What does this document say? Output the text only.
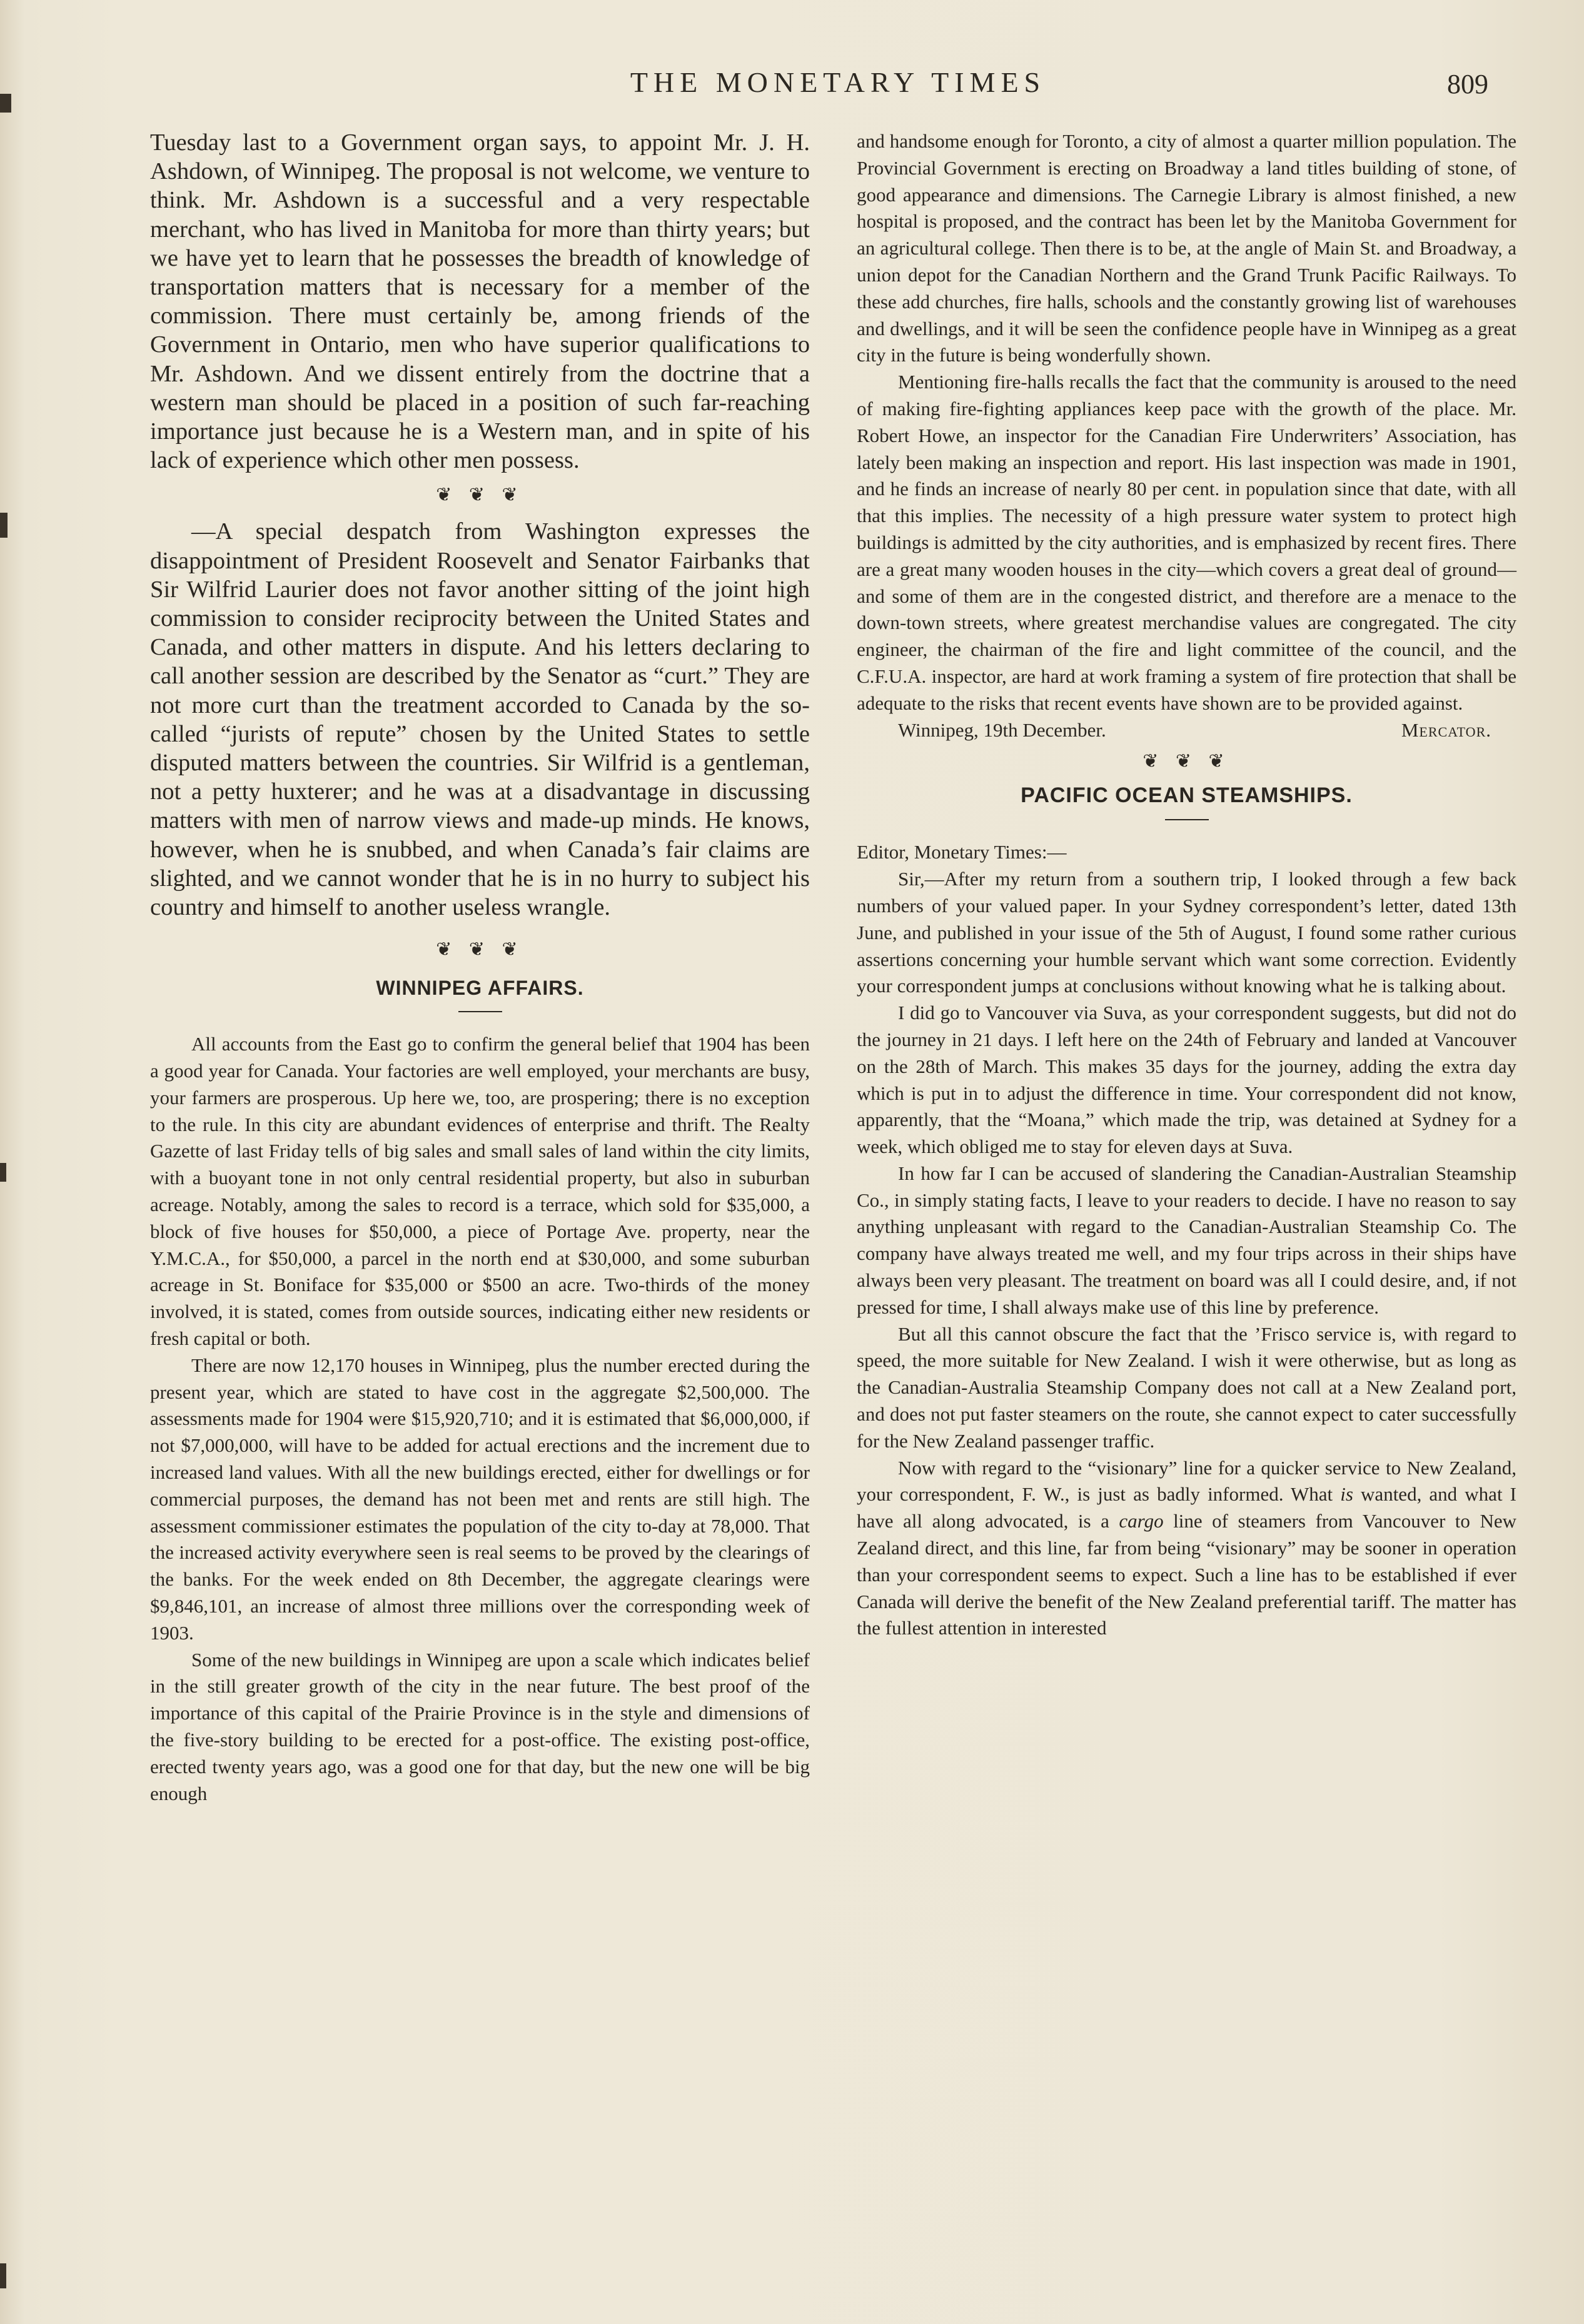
THE MONETARY TIMES	809

Tuesday last to a Government organ says, to appoint Mr. J. H. Ashdown, of Winnipeg. The proposal is not welcome, we venture to think. Mr. Ashdown is a successful and a very respectable merchant, who has lived in Manitoba for more than thirty years; but we have yet to learn that he possesses the breadth of knowledge of transportation matters that is necessary for a member of the commission. There must certainly be, among friends of the Government in Ontario, men who have superior qualifications to Mr. Ashdown. And we dissent entirely from the doctrine that a western man should be placed in a position of such far-reaching importance just because he is a Western man, and in spite of his lack of experience which other men possess.

❦ ❦ ❦

—A special despatch from Washington expresses the disappointment of President Roosevelt and Senator Fairbanks that Sir Wilfrid Laurier does not favor another sitting of the joint high commission to consider reciprocity between the United States and Canada, and other matters in dispute. And his letters declaring to call another session are described by the Senator as “curt.” They are not more curt than the treatment accorded to Canada by the so-called “jurists of repute” chosen by the United States to settle disputed matters between the countries. Sir Wilfrid is a gentleman, not a petty huxterer; and he was at a disadvantage in discussing matters with men of narrow views and made-up minds. He knows, however, when he is snubbed, and when Canada’s fair claims are slighted, and we cannot wonder that he is in no hurry to subject his country and himself to another useless wrangle.

❦ ❦ ❦
WINNIPEG AFFAIRS.

All accounts from the East go to confirm the general belief that 1904 has been a good year for Canada. Your factories are well employed, your merchants are busy, your farmers are prosperous. Up here we, too, are prospering; there is no exception to the rule. In this city are abundant evidences of enterprise and thrift. The Realty Gazette of last Friday tells of big sales and small sales of land within the city limits, with a buoyant tone in not only central residential property, but also in suburban acreage. Notably, among the sales to record is a terrace, which sold for $35,000, a block of five houses for $50,000, a piece of Portage Ave. property, near the Y.M.C.A., for $50,000, a parcel in the north end at $30,000, and some suburban acreage in St. Boniface for $35,000 or $500 an acre. Two-thirds of the money involved, it is stated, comes from outside sources, indicating either new residents or fresh capital or both.

There are now 12,170 houses in Winnipeg, plus the number erected during the present year, which are stated to have cost in the aggregate $2,500,000. The assessments made for 1904 were $15,920,710; and it is estimated that $6,000,000, if not $7,000,000, will have to be added for actual erections and the increment due to increased land values. With all the new buildings erected, either for dwellings or for commercial purposes, the demand has not been met and rents are still high. The assessment commissioner estimates the population of the city to-day at 78,000. That the increased activity everywhere seen is real seems to be proved by the clearings of the banks. For the week ended on 8th December, the aggregate clearings were $9,846,101, an increase of almost three millions over the corresponding week of 1903.

Some of the new buildings in Winnipeg are upon a scale which indicates belief in the still greater growth of the city in the near future. The best proof of the importance of this capital of the Prairie Province is in the style and dimensions of the five-story building to be erected for a post-office. The existing post-office, erected twenty years ago, was a good one for that day, but the new one will be big enough

and handsome enough for Toronto, a city of almost a quarter million population. The Provincial Government is erecting on Broadway a land titles building of stone, of good appearance and dimensions. The Carnegie Library is almost finished, a new hospital is proposed, and the contract has been let by the Manitoba Government for an agricultural college. Then there is to be, at the angle of Main St. and Broadway, a union depot for the Canadian Northern and the Grand Trunk Pacific Railways. To these add churches, fire halls, schools and the constantly growing list of warehouses and dwellings, and it will be seen the confidence people have in Winnipeg as a great city in the future is being wonderfully shown.

Mentioning fire-halls recalls the fact that the community is aroused to the need of making fire-fighting appliances keep pace with the growth of the place. Mr. Robert Howe, an inspector for the Canadian Fire Underwriters’ Association, has lately been making an inspection and report. His last inspection was made in 1901, and he finds an increase of nearly 80 per cent. in population since that date, with all that this implies. The necessity of a high pressure water system to protect high buildings is admitted by the city authorities, and is emphasized by recent fires. There are a great many wooden houses in the city—which covers a great deal of ground—and some of them are in the congested district, and therefore are a menace to the down-town streets, where greatest merchandise values are congregated. The city engineer, the chairman of the fire and light committee of the council, and the C.F.U.A. inspector, are hard at work framing a system of fire protection that shall be adequate to the risks that recent events have shown are to be provided against.

Winnipeg, 19th December.	Mercator.
❦ ❦ ❦
PACIFIC OCEAN STEAMSHIPS.

Editor, Monetary Times:—

Sir,—After my return from a southern trip, I looked through a few back numbers of your valued paper. In your Sydney correspondent’s letter, dated 13th June, and published in your issue of the 5th of August, I found some rather curious assertions concerning your humble servant which want some correction. Evidently your correspondent jumps at conclusions without knowing what he is talking about.

I did go to Vancouver via Suva, as your correspondent suggests, but did not do the journey in 21 days. I left here on the 24th of February and landed at Vancouver on the 28th of March. This makes 35 days for the journey, adding the extra day which is put in to adjust the difference in time. Your correspondent did not know, apparently, that the “Moana,” which made the trip, was detained at Sydney for a week, which obliged me to stay for eleven days at Suva.

In how far I can be accused of slandering the Canadian-Australian Steamship Co., in simply stating facts, I leave to your readers to decide. I have no reason to say anything unpleasant with regard to the Canadian-Australian Steamship Co. The company have always treated me well, and my four trips across in their ships have always been very pleasant. The treatment on board was all I could desire, and, if not pressed for time, I shall always make use of this line by preference.

But all this cannot obscure the fact that the ’Frisco service is, with regard to speed, the more suitable for New Zealand. I wish it were otherwise, but as long as the Canadian-Australia Steamship Company does not call at a New Zealand port, and does not put faster steamers on the route, she cannot expect to cater successfully for the New Zealand passenger traffic.

Now with regard to the “visionary” line for a quicker service to New Zealand, your correspondent, F. W., is just as badly informed. What is wanted, and what I have all along advocated, is a cargo line of steamers from Vancouver to New Zealand direct, and this line, far from being “visionary” may be sooner in operation than your correspondent seems to expect. Such a line has to be established if ever Canada will derive the benefit of the New Zealand preferential tariff. The matter has the fullest attention in interested
